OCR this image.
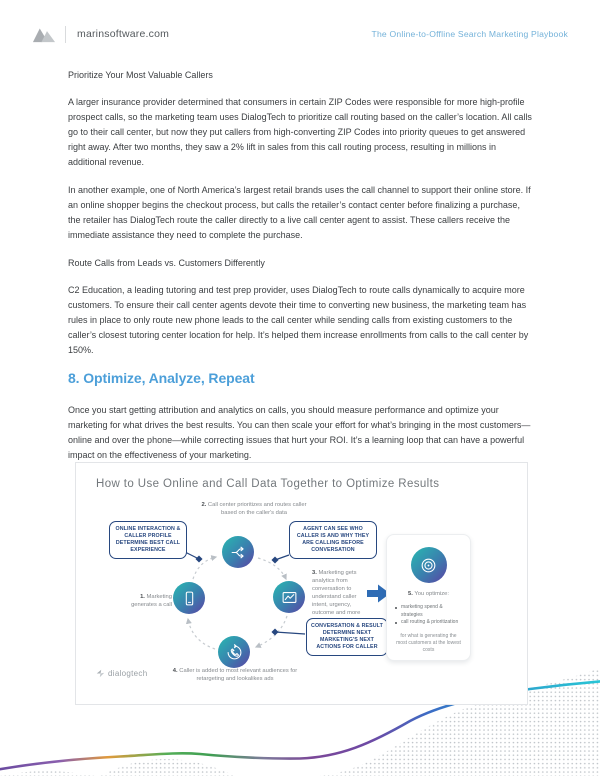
marinsoftware.com	The Online-to-Offline Search Marketing Playbook
Prioritize Your Most Valuable Callers

A larger insurance provider determined that consumers in certain ZIP Codes were responsible for more high-profile prospect calls, so the marketing team uses DialogTech to prioritize call routing based on the caller’s location. All calls go to their call center, but now they put callers from high-converting ZIP Codes into priority queues to get answered right away. After two months, they saw a 2% lift in sales from this call routing process, resulting in millions in additional revenue.

In another example, one of North America’s largest retail brands uses the call channel to support their online store. If an online shopper begins the checkout process, but calls the retailer’s contact center before finalizing a purchase, the retailer has DialogTech route the caller directly to a live call center agent to assist. These callers receive the immediate assistance they need to complete the purchase.

Route Calls from Leads vs. Customers Differently

C2 Education, a leading tutoring and test prep provider, uses DialogTech to route calls dynamically to acquire more customers. To ensure their call center agents devote their time to converting new business, the marketing team has rules in place to only route new phone leads to the call center while sending calls from existing customers to the caller’s closest tutoring center location for help. It’s helped them increase enrollments from calls to the call center by 150%.

8. Optimize, Analyze, Repeat

Once you start getting attribution and analytics on calls, you should measure performance and optimize your marketing for what drives the best results. You can then scale your effort for what’s bringing in the most customers—online and over the phone—while correcting issues that hurt your ROI. It’s a learning loop that can have a powerful impact on the effectiveness of your marketing.

How to Use Online and Call Data Together to Optimize Results
2. Call center prioritizes and routes caller based on the caller's data
1. Marketing generates a call
3. Marketing gets analytics from conversation to understand caller intent, urgency, outcome and more
4. Caller is added to most relevant audiences for retargeting and lookalikes ads
ONLINE INTERACTION & CALLER PROFILE DETERMINE BEST CALL EXPERIENCE
AGENT CAN SEE WHO CALLER IS AND WHY THEY ARE CALLING BEFORE CONVERSATION
CONVERSATION & RESULT DETERMINE NEXT MARKETING'S NEXT ACTIONS FOR CALLER
5. You optimize:
marketing spend & strategies
call routing & prioritization
for what is generating the most customers at the lowest costs
dialogtech
